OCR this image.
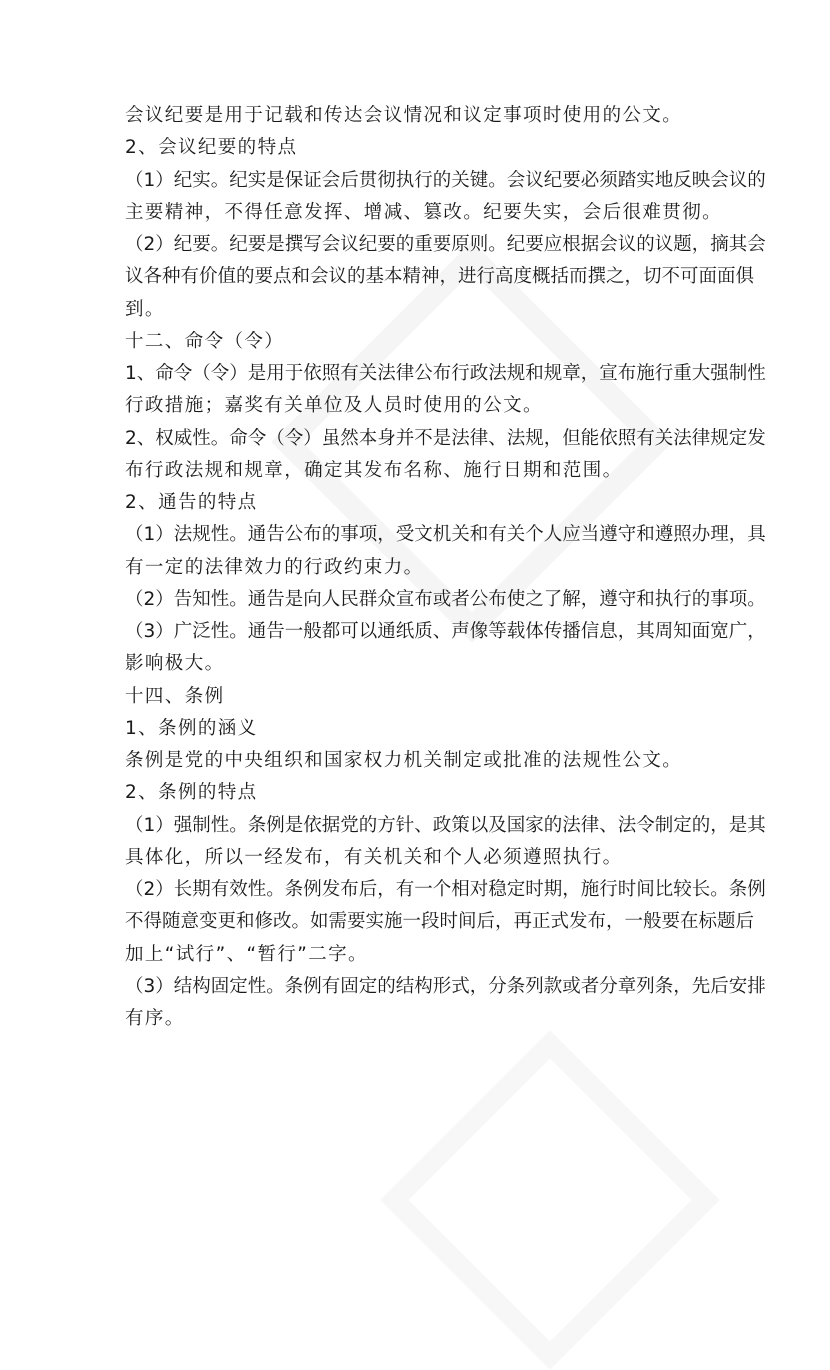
会议纪要是用于记载和传达会议情况和议定事项时使用的公文。
2、会议纪要的特点
（1）纪实。纪实是保证会后贯彻执行的关键。会议纪要必须踏实地反映会议的
主要精神，不得任意发挥、增减、篡改。纪要失实，会后很难贯彻。
（2）纪要。纪要是撰写会议纪要的重要原则。纪要应根据会议的议题，摘其会
议各种有价值的要点和会议的基本精神，进行高度概括而撰之，切不可面面俱
到。
十二、命令（令）
1、命令（令）是用于依照有关法律公布行政法规和规章，宣布施行重大强制性
行政措施；嘉奖有关单位及人员时使用的公文。
2、权威性。命令（令）虽然本身并不是法律、法规，但能依照有关法律规定发
布行政法规和规章，确定其发布名称、施行日期和范围。
2、通告的特点
（1）法规性。通告公布的事项，受文机关和有关个人应当遵守和遵照办理，具
有一定的法律效力的行政约束力。
（2）告知性。通告是向人民群众宣布或者公布使之了解，遵守和执行的事项。
（3）广泛性。通告一般都可以通纸质、声像等载体传播信息，其周知面宽广，
影响极大。
十四、条例
1、条例的涵义
条例是党的中央组织和国家权力机关制定或批准的法规性公文。
2、条例的特点
（1）强制性。条例是依据党的方针、政策以及国家的法律、法令制定的，是其
具体化，所以一经发布，有关机关和个人必须遵照执行。
（2）长期有效性。条例发布后，有一个相对稳定时期，施行时间比较长。条例
不得随意变更和修改。如需要实施一段时间后，再正式发布，一般要在标题后
加上“试行”、“暂行”二字。
（3）结构固定性。条例有固定的结构形式，分条列款或者分章列条，先后安排
有序。
